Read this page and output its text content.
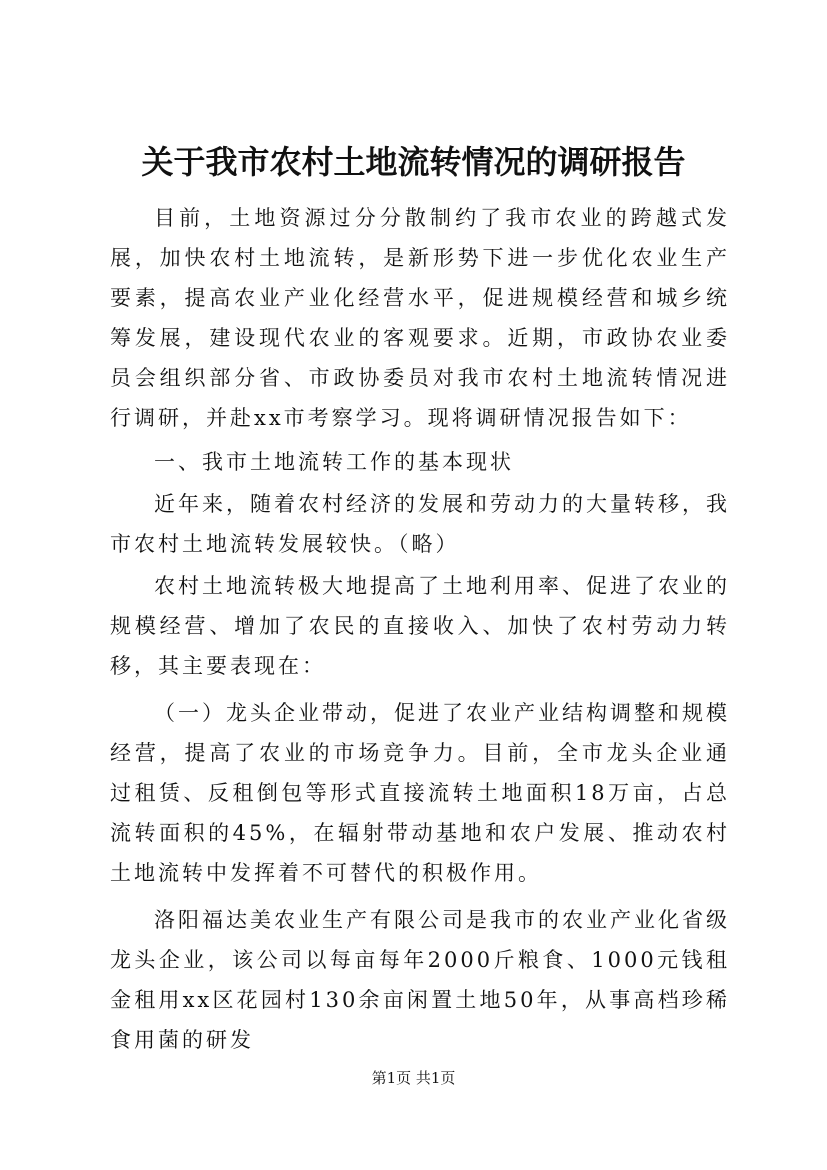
关于我市农村土地流转情况的调研报告

目前，土地资源过分分散制约了我市农业的跨越式发展，加快农村土地流转，是新形势下进一步优化农业生产要素，提高农业产业化经营水平，促进规模经营和城乡统筹发展，建设现代农业的客观要求。近期，市政协农业委员会组织部分省、市政协委员对我市农村土地流转情况进行调研，并赴xx市考察学习。现将调研情况报告如下：

一、我市土地流转工作的基本现状

近年来，随着农村经济的发展和劳动力的大量转移，我市农村土地流转发展较快。（略）

农村土地流转极大地提高了土地利用率、促进了农业的规模经营、增加了农民的直接收入、加快了农村劳动力转移，其主要表现在：

（一）龙头企业带动，促进了农业产业结构调整和规模经营，提高了农业的市场竞争力。目前，全市龙头企业通过租赁、反租倒包等形式直接流转土地面积18万亩，占总流转面积的45%，在辐射带动基地和农户发展、推动农村土地流转中发挥着不可替代的积极作用。

洛阳福达美农业生产有限公司是我市的农业产业化省级龙头企业，该公司以每亩每年2000斤粮食、1000元钱租金租用xx区花园村130余亩闲置土地50年，从事高档珍稀食用菌的研发

第1页 共1页
